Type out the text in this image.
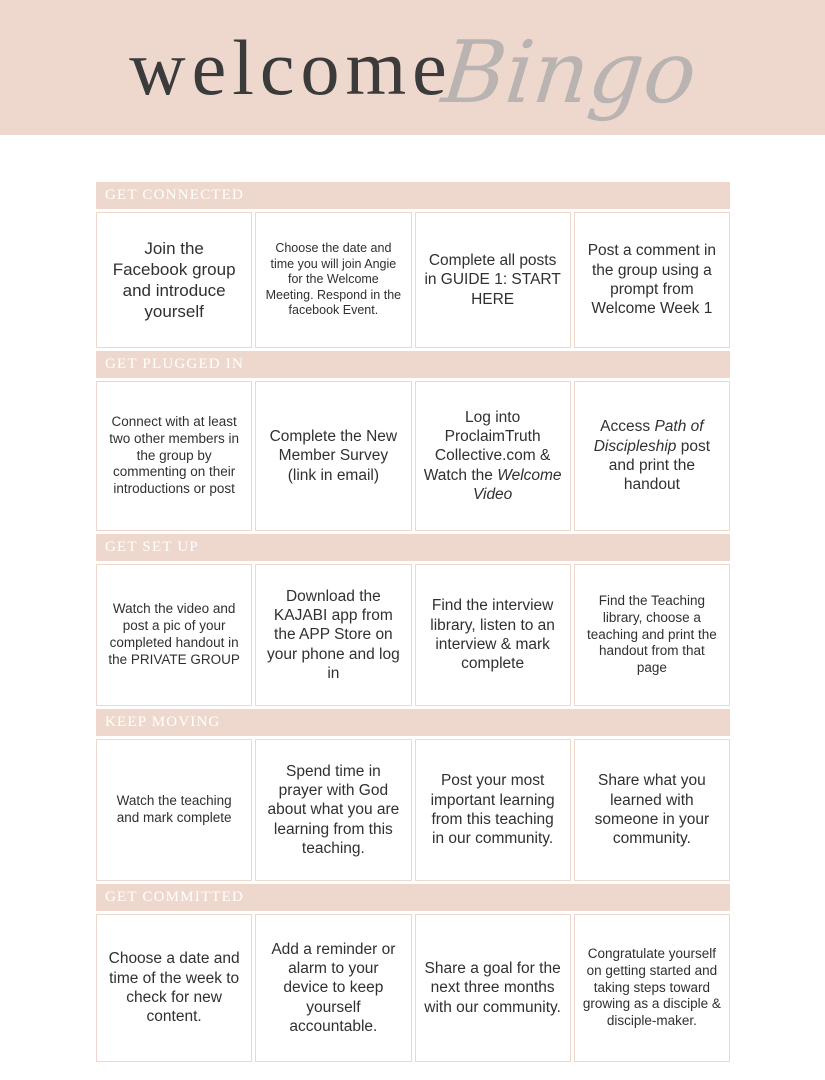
welcome
Bingo
GET CONNECTED
Join the Facebook group and introduce yourself
Choose the date and time you will join Angie for the Welcome Meeting. Respond in the facebook Event.
Complete all posts in GUIDE 1: START HERE
Post a comment in the group using a prompt from Welcome Week 1
GET PLUGGED IN
Connect with at least two other members in the group by commenting on their introductions or post
Complete the New Member Survey (link in email)
Log into ProclaimTruth Collective.com & Watch the Welcome Video
Access Path of Discipleship post and print the handout
GET SET UP
Watch the video and post a pic of your completed handout in the PRIVATE GROUP
Download the KAJABI app from the APP Store on your phone and log in
Find the interview library, listen to an interview & mark complete
Find the Teaching library, choose a teaching and print the handout from that page
KEEP MOVING
Watch the teaching and mark complete
Spend time in prayer with God about what you are learning from this teaching.
Post your most important learning from this teaching in our community.
Share what you learned with someone in your community.
GET COMMITTED
Choose a date and time of the week to check for new content.
Add a reminder or alarm to your device to keep yourself accountable.
Share a goal for the next three months with our community.
Congratulate yourself on getting started and taking steps toward growing as a disciple & disciple-maker.
